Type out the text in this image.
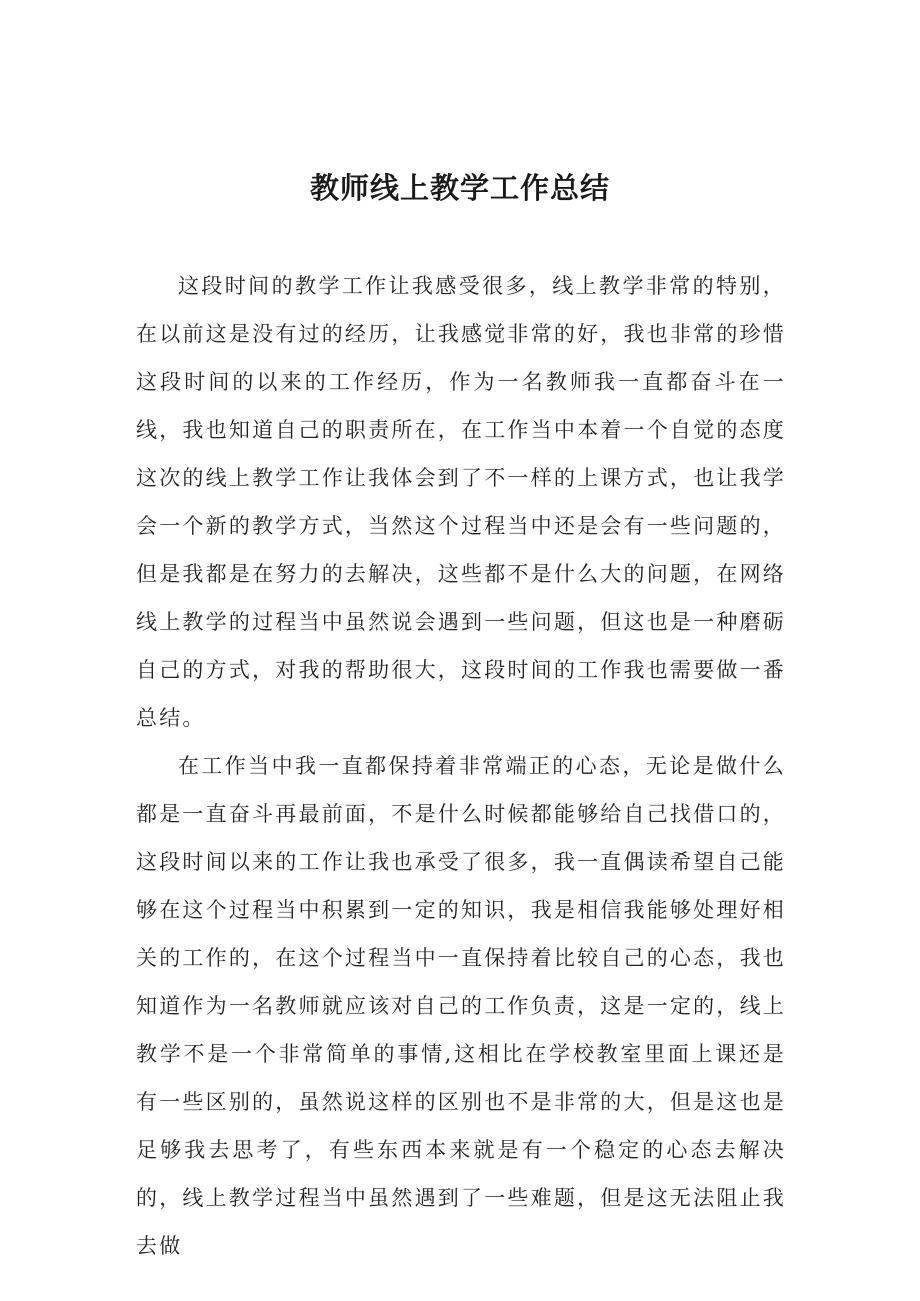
教师线上教学工作总结

这段时间的教学工作让我感受很多，线上教学非常的特别，在以前这是没有过的经历，让我感觉非常的好，我也非常的珍惜这段时间的以来的工作经历，作为一名教师我一直都奋斗在一线，我也知道自己的职责所在，在工作当中本着一个自觉的态度这次的线上教学工作让我体会到了不一样的上课方式，也让我学会一个新的教学方式，当然这个过程当中还是会有一些问题的，但是我都是在努力的去解决，这些都不是什么大的问题，在网络线上教学的过程当中虽然说会遇到一些问题，但这也是一种磨砺自己的方式，对我的帮助很大，这段时间的工作我也需要做一番总结。

在工作当中我一直都保持着非常端正的心态，无论是做什么都是一直奋斗再最前面，不是什么时候都能够给自己找借口的，这段时间以来的工作让我也承受了很多，我一直偶读希望自己能够在这个过程当中积累到一定的知识，我是相信我能够处理好相关的工作的，在这个过程当中一直保持着比较自己的心态，我也知道作为一名教师就应该对自己的工作负责，这是一定的，线上教学不是一个非常简单的事情,这相比在学校教室里面上课还是有一些区别的，虽然说这样的区别也不是非常的大，但是这也是足够我去思考了，有些东西本来就是有一个稳定的心态去解决的，线上教学过程当中虽然遇到了一些难题，但是这无法阻止我去做
